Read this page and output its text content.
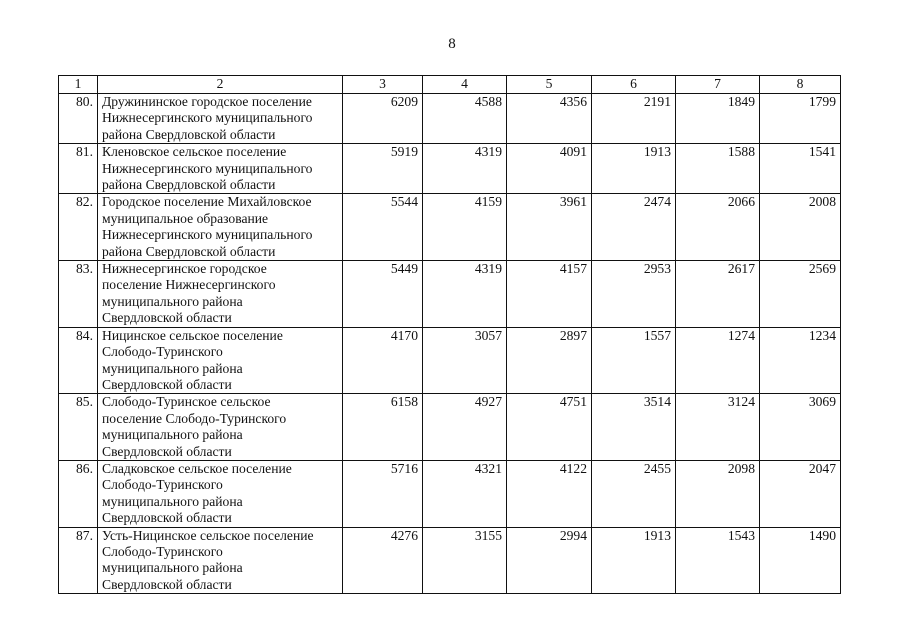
8
1	2	3	4	5	6	7	8
80.	Дружининское городское поселение
Нижнесергинского муниципального
района Свердловской области	6209	4588	4356	2191	1849	1799
81.	Кленовское сельское поселение
Нижнесергинского муниципального
района Свердловской области	5919	4319	4091	1913	1588	1541
82.	Городское поселение Михайловское
муниципальное образование
Нижнесергинского муниципального
района Свердловской области	5544	4159	3961	2474	2066	2008
83.	Нижнесергинское городское
поселение Нижнесергинского
муниципального района
Свердловской области	5449	4319	4157	2953	2617	2569
84.	Ницинское сельское поселение
Слободо-Туринского
муниципального района
Свердловской области	4170	3057	2897	1557	1274	1234
85.	Слободо-Туринское сельское
поселение Слободо-Туринского
муниципального района
Свердловской области	6158	4927	4751	3514	3124	3069
86.	Сладковское сельское поселение
Слободо-Туринского
муниципального района
Свердловской области	5716	4321	4122	2455	2098	2047
87.	Усть-Ницинское сельское поселение
Слободо-Туринского
муниципального района
Свердловской области	4276	3155	2994	1913	1543	1490
